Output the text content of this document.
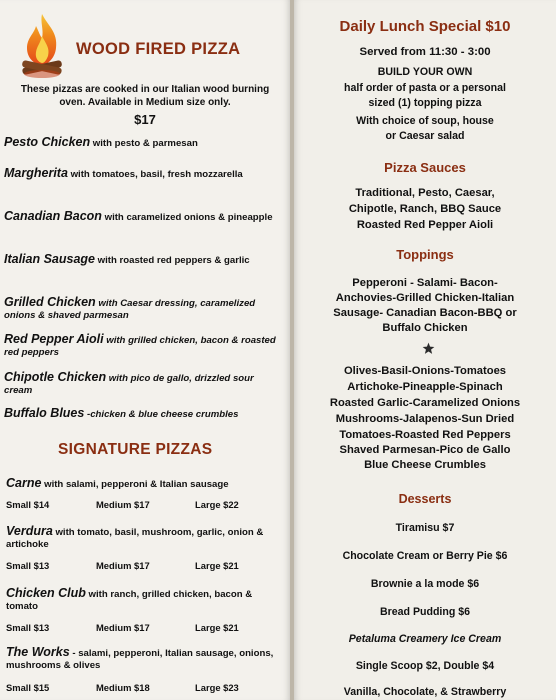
WOOD FIRED PIZZA
These pizzas are cooked in our Italian wood burning oven. Available in Medium size only.
$17
Pesto Chicken with pesto & parmesan
Margherita with tomatoes, basil, fresh mozzarella
Canadian Bacon with caramelized onions & pineapple
Italian Sausage with roasted red peppers & garlic
Grilled Chicken with Caesar dressing, caramelized onions & shaved parmesan
Red Pepper Aioli with grilled chicken, bacon & roasted red peppers
Chipotle Chicken with pico de gallo, drizzled sour cream
Buffalo Blues -chicken & blue cheese crumbles
SIGNATURE PIZZAS
Carne with salami, pepperoni & Italian sausage
Small $14	Medium $17	Large $22
Verdura with tomato, basil, mushroom, garlic, onion & artichoke
Small $13	Medium $17	Large $21
Chicken Club with ranch, grilled chicken, bacon & tomato
Small $13	Medium $17	Large $21
The Works - salami, pepperoni, Italian sausage, onions, mushrooms & olives
Small $15	Medium $18	Large $23
Daily Lunch Special $10
Served from 11:30 - 3:00
BUILD YOUR OWN
half order of pasta or a personal
sized (1) topping pizza
With choice of soup, house
or Caesar salad
Pizza Sauces
Traditional, Pesto, Caesar,
Chipotle, Ranch, BBQ Sauce
Roasted Red Pepper Aioli
Toppings
Pepperoni - Salami- Bacon-
Anchovies-Grilled Chicken-Italian
Sausage- Canadian Bacon-BBQ or
Buffalo Chicken
Olives-Basil-Onions-Tomatoes
Artichoke-Pineapple-Spinach
Roasted Garlic-Caramelized Onions
Mushrooms-Jalapenos-Sun Dried
Tomatoes-Roasted Red Peppers
Shaved Parmesan-Pico de Gallo
Blue Cheese Crumbles
Desserts
Tiramisu $7
Chocolate Cream or Berry Pie $6
Brownie a la mode $6
Bread Pudding $6
Petaluma Creamery Ice Cream
Single Scoop $2, Double $4
Vanilla, Chocolate, & Strawberry
